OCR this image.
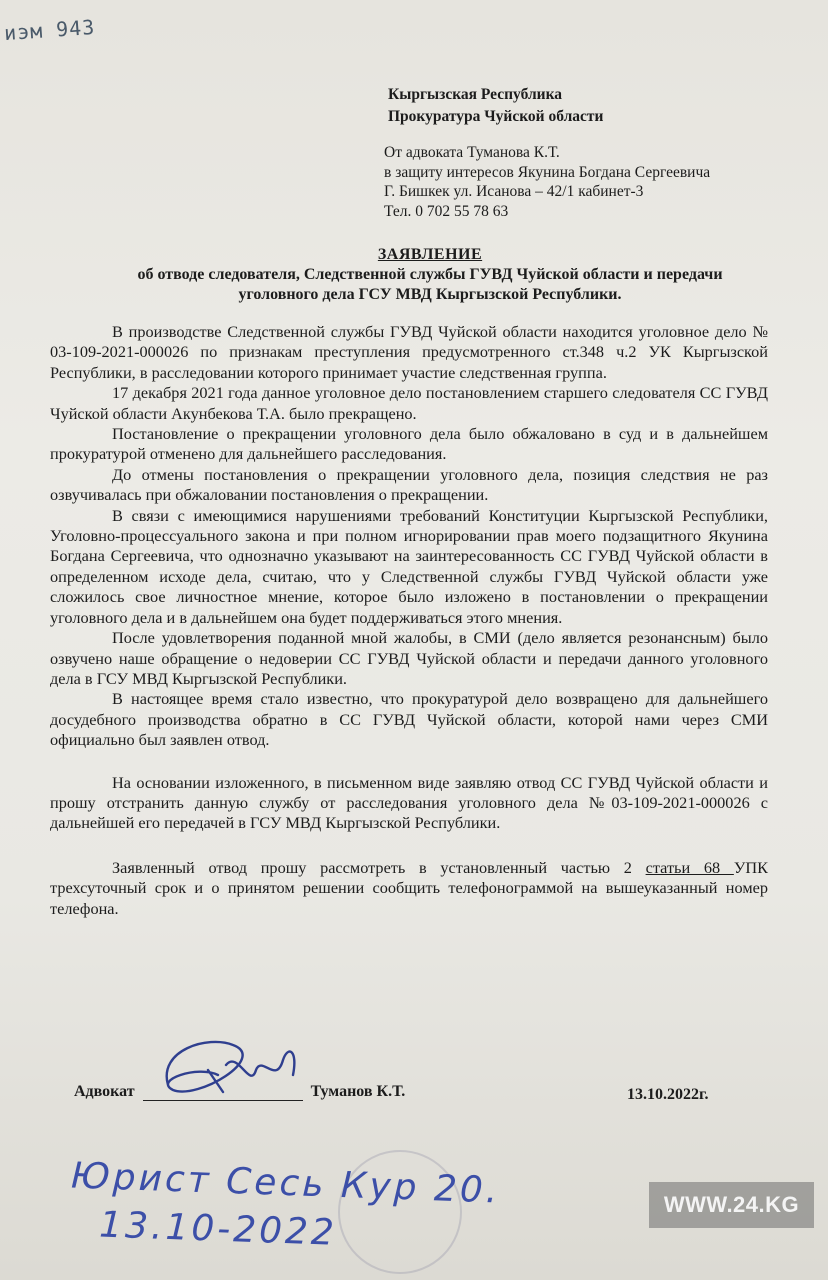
иэм 943
Кыргызская Республика
Прокуратура Чуйской области
От адвоката Туманова К.Т.
в защиту интересов Якунина Богдана Сергеевича
Г. Бишкек ул. Исанова – 42/1 кабинет-3
Тел. 0 702 55 78 63
ЗАЯВЛЕНИЕ
об отводе следователя, Следственной службы ГУВД Чуйской области и передачи
уголовного дела ГСУ МВД Кыргызской Республики.

В производстве Следственной службы ГУВД Чуйской области находится уголовное дело № 03-109-2021-000026 по признакам преступления предусмотренного ст.348 ч.2 УК Кыргызской Республики, в расследовании которого принимает участие следственная группа.

17 декабря 2021 года данное уголовное дело постановлением старшего следователя СС ГУВД Чуйской области Акунбекова Т.А. было прекращено.

Постановление о прекращении уголовного дела было обжаловано в суд и в дальнейшем прокуратурой отменено для дальнейшего расследования.

До отмены постановления о прекращении уголовного дела, позиция следствия не раз озвучивалась при обжаловании постановления о прекращении.

В связи с имеющимися нарушениями требований Конституции Кыргызской Республики, Уголовно-процессуального закона и при полном игнорировании прав моего подзащитного Якунина Богдана Сергеевича, что однозначно указывают на заинтересованность СС ГУВД Чуйской области в определенном исходе дела, считаю, что у Следственной службы ГУВД Чуйской области уже сложилось свое личностное мнение, которое было изложено в постановлении о прекращении уголовного дела и в дальнейшем она будет поддерживаться этого мнения.

После удовлетворения поданной мной жалобы, в СМИ (дело является резонансным) было озвучено наше обращение о недоверии СС ГУВД Чуйской области и передачи данного уголовного дела в ГСУ МВД Кыргызской Республики.

В настоящее время стало известно, что прокуратурой дело возвращено для дальнейшего досудебного производства обратно в СС ГУВД Чуйской области, которой нами через СМИ официально был заявлен отвод.

На основании изложенного, в письменном виде заявляю отвод СС ГУВД Чуйской области и прошу отстранить данную службу от расследования уголовного дела №03-109-2021-000026 с дальнейшей его передачей в ГСУ МВД Кыргызской Республики.

Заявленный отвод прошу рассмотреть в установленный частью 2 статьи 68 УПК трехсуточный срок и о принятом решении сообщить телефонограммой на вышеуказанный номер телефона.

Адвокат	Туманов К.Т.	13.10.2022г.
Юрист Сесь Кур 20.
13.10-2022
WWW.24.KG
